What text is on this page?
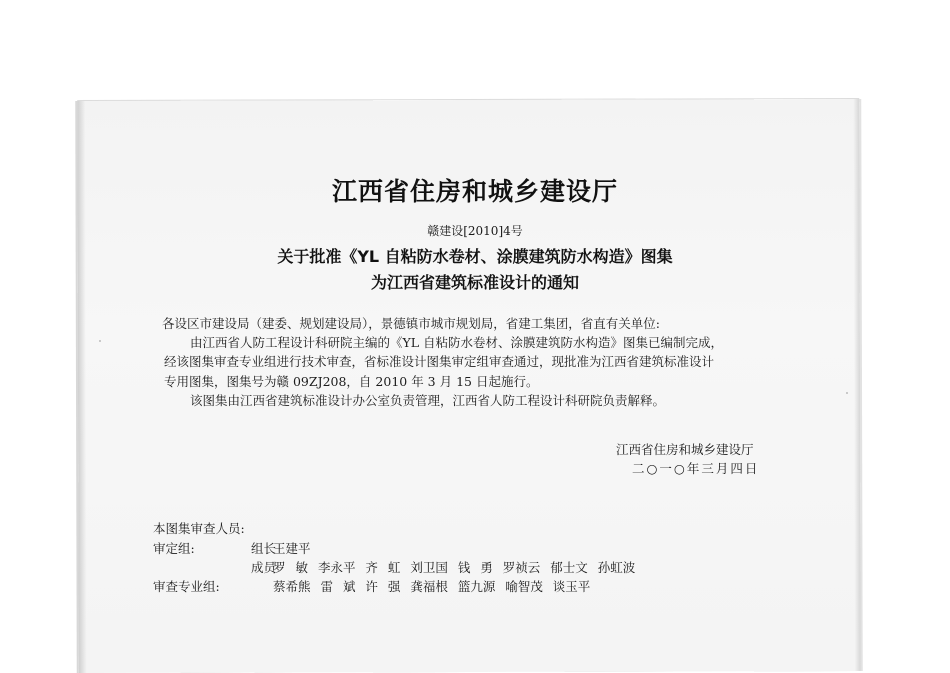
江西省住房和城乡建设厅
赣建设[2010]4号
关于批准《YL 自粘防水卷材、涂膜建筑防水构造》图集
为江西省建筑标准设计的通知
各设区市建设局（建委、规划建设局），景德镇市城市规划局，省建工集团，省直有关单位:
由江西省人防工程设计科研院主编的《YL 自粘防水卷材、涂膜建筑防水构造》图集已编制完成，
经该图集审查专业组进行技术审查，省标准设计图集审定组审查通过，现批准为江西省建筑标准设计
专用图集，图集号为赣 09ZJ208，自 2010 年 3 月 15 日起施行。
该图集由江西省建筑标准设计办公室负责管理，江西省人防工程设计科研院负责解释。
江西省住房和城乡建设厅
二○一○年三月四日
本图集审查人员:
审定组:	组长
王建平
成员
罗 敏 李永平 齐 虹 刘卫国 钱 勇 罗祯云 郁士文 孙虹波
审查专业组:	蔡希熊 雷 斌 许 强 龚福根 篮九源 喻智茂 谈玉平
